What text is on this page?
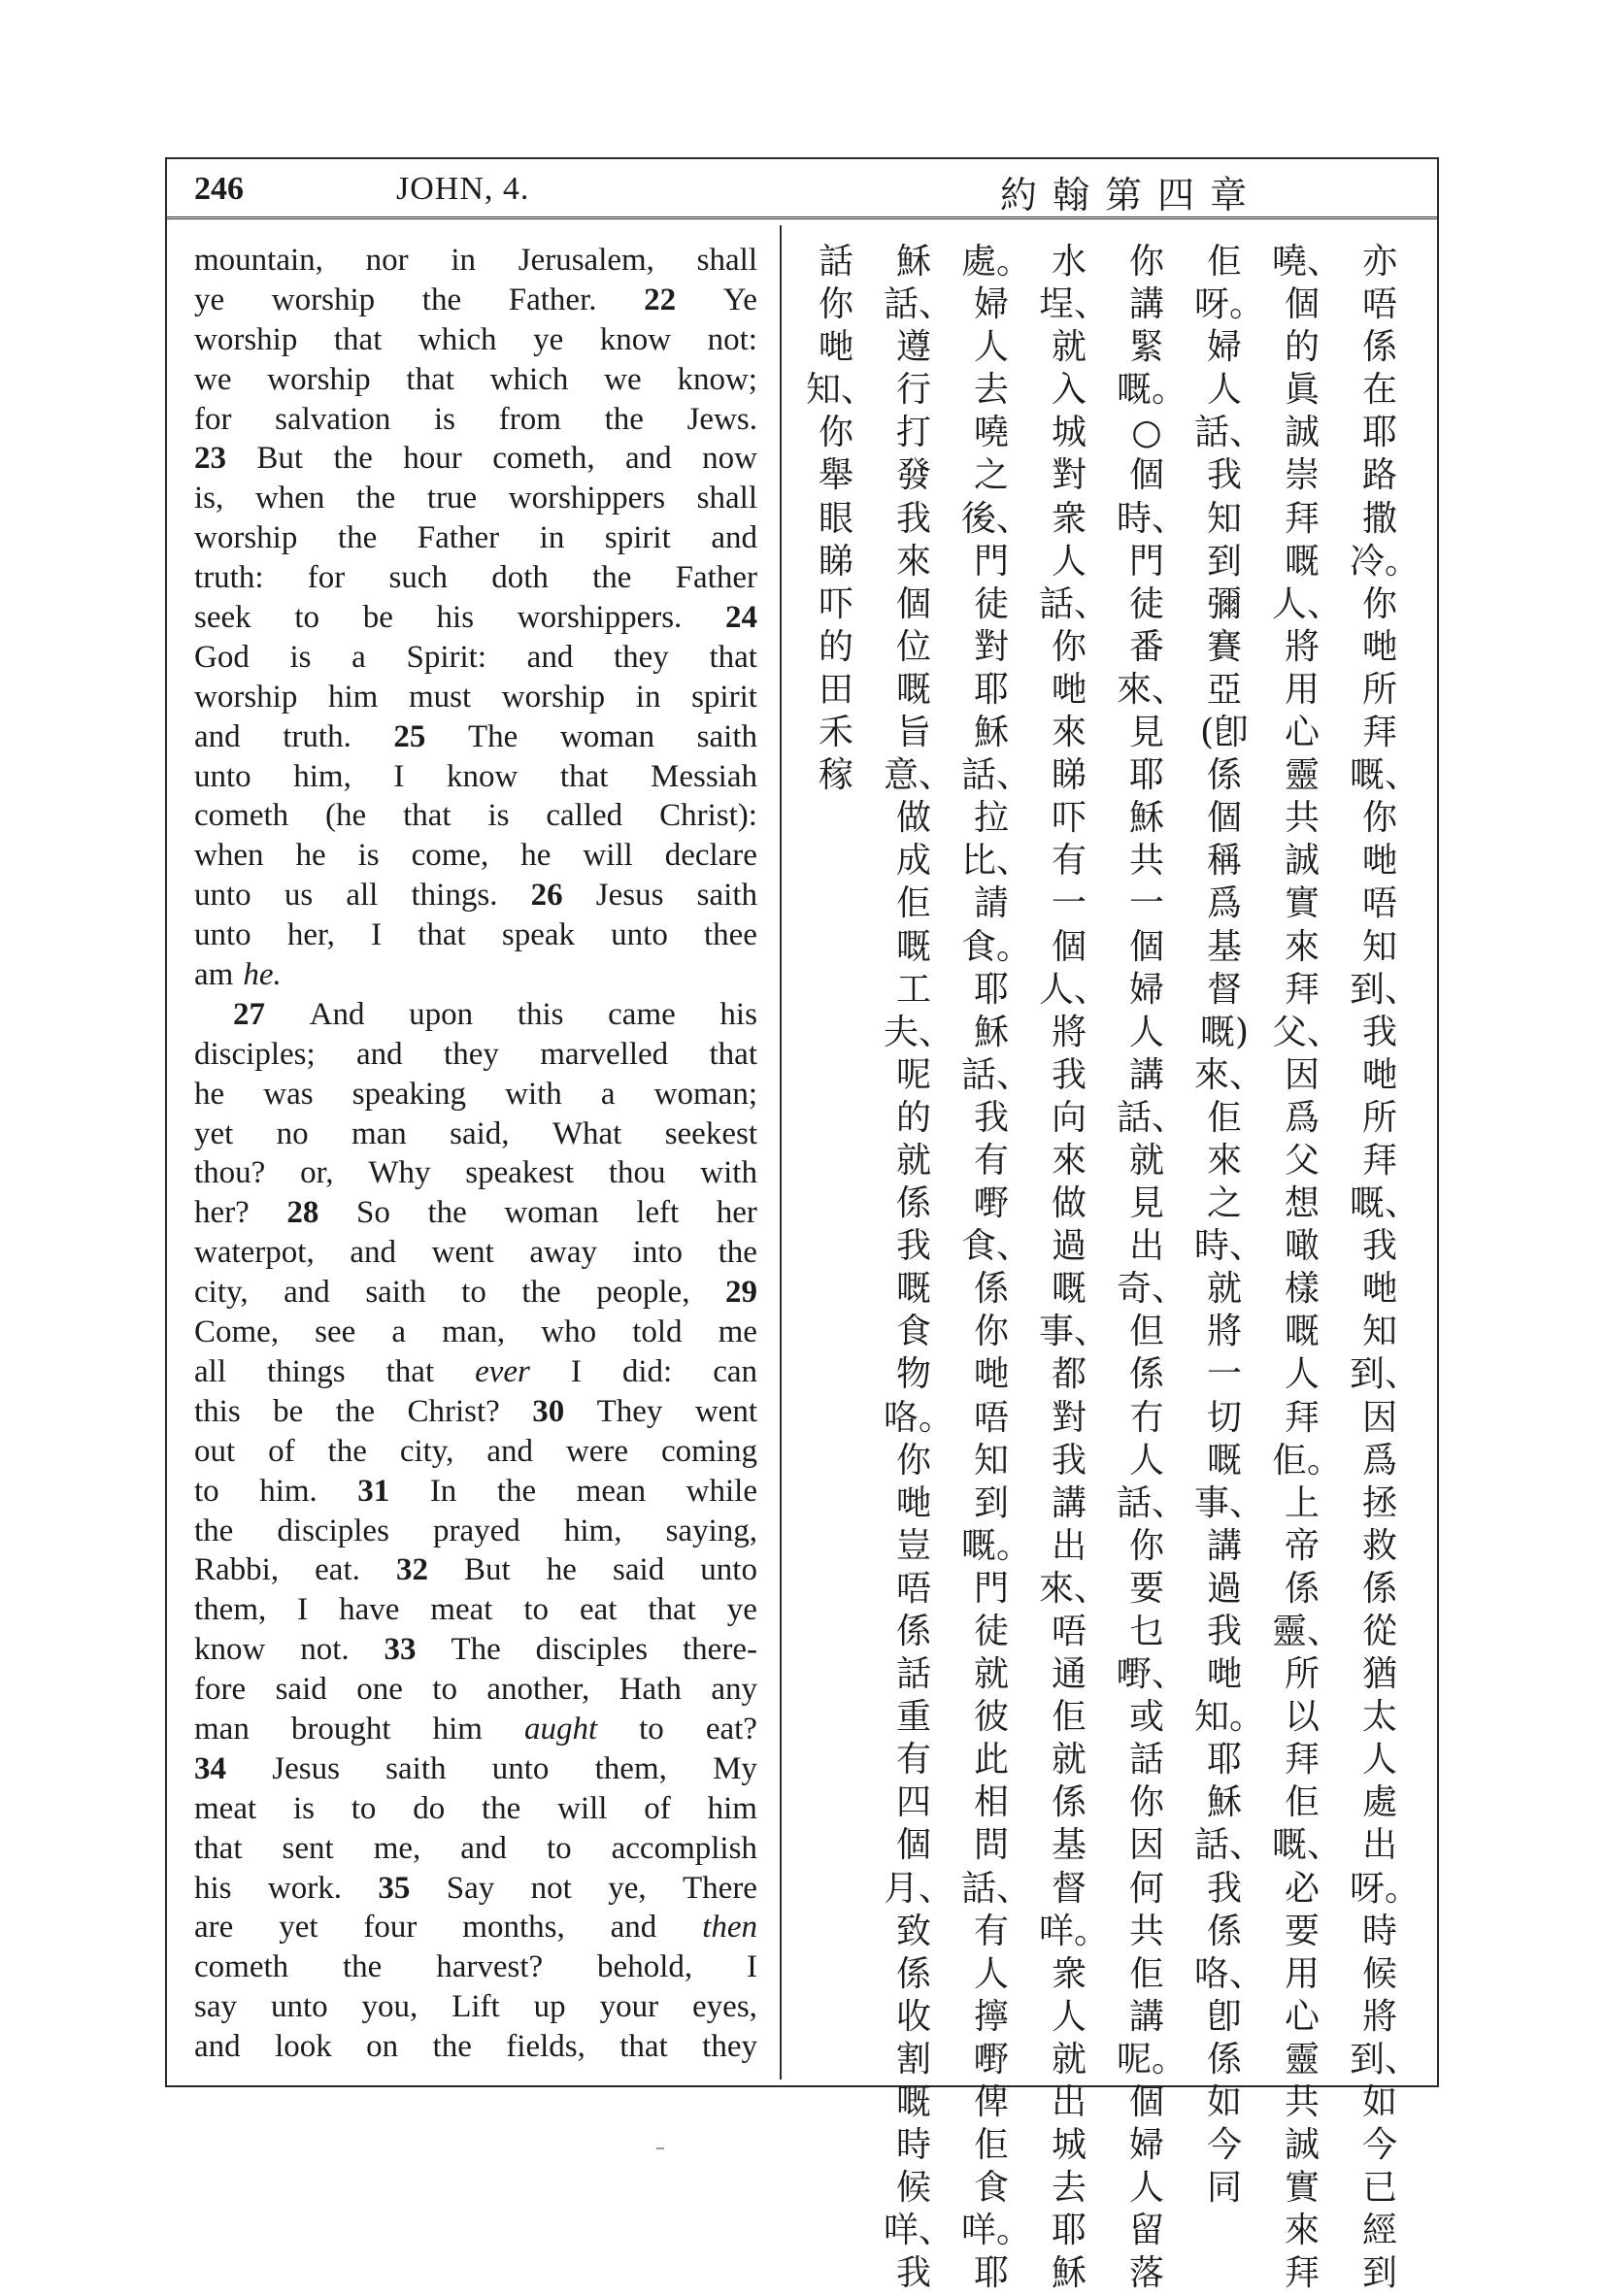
246	JOHN, 4.	約翰第四章
mountain, nor in Jerusalem, shall
ye worship the Father. 22 Ye
worship that which ye know not:
we worship that which we know;
for salvation is from the Jews.
23 But the hour cometh, and now
is, when the true worshippers shall
worship the Father in spirit and
truth: for such doth the Father
seek to be his worshippers. 24
God is a Spirit: and they that
worship him must worship in spirit
and truth. 25 The woman saith
unto him, I know that Messiah
cometh (he that is called Christ):
when he is come, he will declare
unto us all things. 26 Jesus saith
unto her, I that speak unto thee
am he.
27 And upon this came his
disciples; and they marvelled that
he was speaking with a woman;
yet no man said, What seekest
thou? or, Why speakest thou with
her? 28 So the woman left her
waterpot, and went away into the
city, and saith to the people, 29
Come, see a man, who told me
all things that ever I did: can
this be the Christ? 30 They went
out of the city, and were coming
to him. 31 In the mean while
the disciples prayed him, saying,
Rabbi, eat. 32 But he said unto
them, I have meat to eat that ye
know not. 33 The disciples there-
fore said one to another, Hath any
man brought him aught to eat?
34 Jesus saith unto them, My
meat is to do the will of him
that sent me, and to accomplish
his work. 35 Say not ye, There
are yet four months, and then
cometh the harvest? behold, I
say unto you, Lift up your eyes,
and look on the fields, that they
亦唔係在耶路撒冷。你哋所拜嘅、你哋唔知到、我哋所拜嘅、我哋知到、因爲拯救係從猶太人處出呀。時候將到、如今已經到
嘵、個的眞誠崇拜嘅人、將用心靈共誠實來拜父、因爲父想噉樣嘅人拜佢。上帝係靈、所以拜佢嘅、必要用心靈共誠實來拜
佢呀。婦人話、我知到彌賽亞(卽係個稱爲基督嘅)來、佢來之時、就將一切嘅事、講過我哋知。耶穌話、我係咯、卽係如今同
你講緊嘅。○個時、門徒番來、見耶穌共一個婦人講話、就見出奇、但係冇人話、你要乜嘢、或話你因何共佢講呢。個婦人留落
水埕、就入城對衆人話、你哋來睇吓有一個人、將我向來做過嘅事、都對我講出來、唔通佢就係基督咩。衆人就出城去耶穌
處。婦人去嘵之後、門徒對耶穌話、拉比、請食。耶穌話、我有嘢食、係你哋唔知到嘅。門徒就彼此相問話、有人擰嘢俾佢食咩。耶
穌話、遵行打發我來個位嘅旨意、做成佢嘅工夫、呢的就係我嘅食物咯。你哋豈唔係話重有四個月、致係收割嘅時候咩、我
話你哋知、你舉眼睇吓的田禾稼
